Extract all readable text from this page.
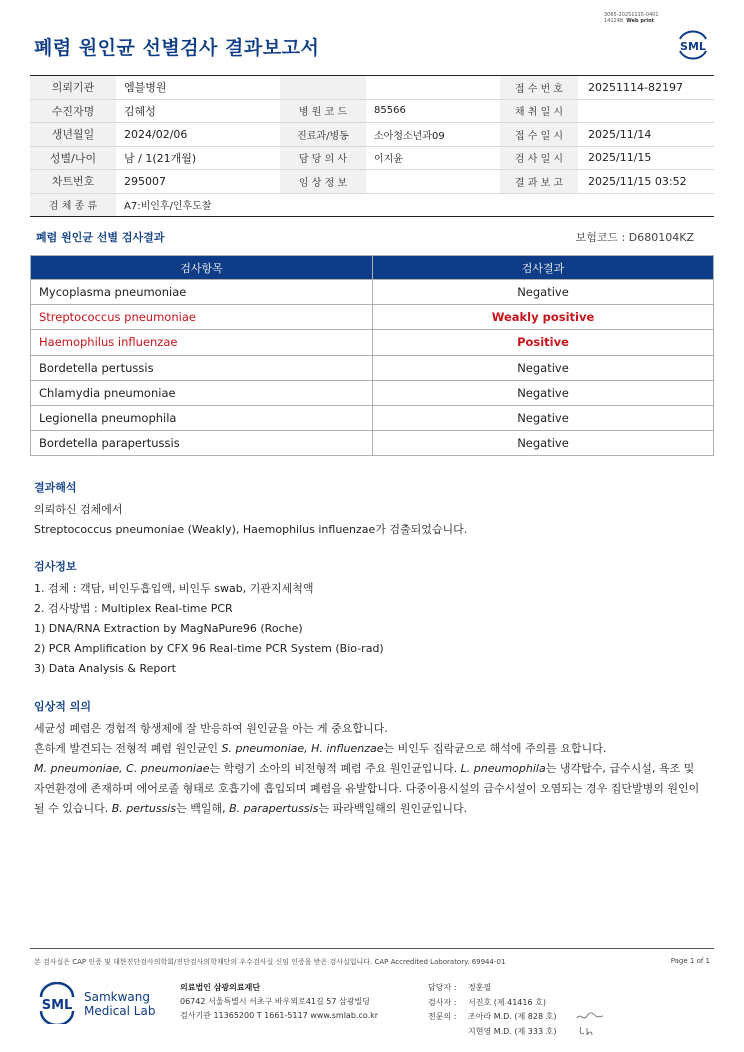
3065-20251115-0401
141248 Web print
폐렴 원인균 선별검사 결과보고서	SML
의뢰기관	엠블병원			접 수 번 호	20251114-82197
수진자명	김혜성	병 원 코 드	85566	채 취 일 시	
생년월일	2024/02/06	진료과/병동	소아청소년과09	접 수 일 시	2025/11/14
성별/나이	남 / 1(21개월)	담 당 의 사	이지윤	검 사 일 시	2025/11/15
차트번호	295007	임 상 정 보		결 과 보 고	2025/11/15 03:52
검 체 종 류	A7:비인후/인후도찰				
폐렴 원인균 선별 검사결과	보험코드 : D680104KZ
검사항목	검사결과
Mycoplasma pneumoniae	Negative
Streptococcus pneumoniae	Weakly positive
Haemophilus influenzae	Positive
Bordetella pertussis	Negative
Chlamydia pneumoniae	Negative
Legionella pneumophila	Negative
Bordetella parapertussis	Negative
결과해석
의뢰하신 검체에서
Streptococcus pneumoniae (Weakly), Haemophilus influenzae가 검출되었습니다.
검사정보
1. 검체 : 객담, 비인두흡입액, 비인두 swab, 기관지세척액
2. 검사방법 : Multiplex Real-time PCR
1) DNA/RNA Extraction by MagNaPure96 (Roche)
2) PCR Amplification by CFX 96 Real-time PCR System (Bio-rad)
3) Data Analysis & Report
임상적 의의
세균성 폐렴은 경험적 항생제에 잘 반응하여 원인균을 아는 게 중요합니다.
흔하게 발견되는 전형적 폐렴 원인균인 S. pneumoniae, H. influenzae는 비인두 집락균으로 해석에 주의를 요합니다.
M. pneumoniae, C. pneumoniae는 학령기 소아의 비전형적 폐렴 주요 원인균입니다. L. pneumophila는 냉각탑수, 급수시설, 욕조 및
자연환경에 존재하며 에어로졸 형태로 호흡기에 흡입되며 폐렴을 유발합니다. 다중이용시설의 급수시설이 오염되는 경우 집단발병의 원인이
될 수 있습니다. B. pertussis는 백일해, B. parapertussis는 파라백일해의 원인균입니다.
본 검사실은 CAP 인증 및 대한진단검사의학회/진단검사의학재단의 우수검사실 신임 인증을 받은 검사실입니다. CAP Accredited Laboratory. 69944-01	Page 1 of 1
SML
Samkwang
Medical Lab
의료법인 삼광의료재단
06742 서울특별시 서초구 바우뫼로41길 57 삼광빌딩
검사기관 11365200 T 1661-5117 www.smlab.co.kr
담당자 :	정훈필
검사자 :	서진호 (제 41416 호)
전문의 :	조아라 M.D. (제 828 호)
지현영 M.D. (제 333 호)
